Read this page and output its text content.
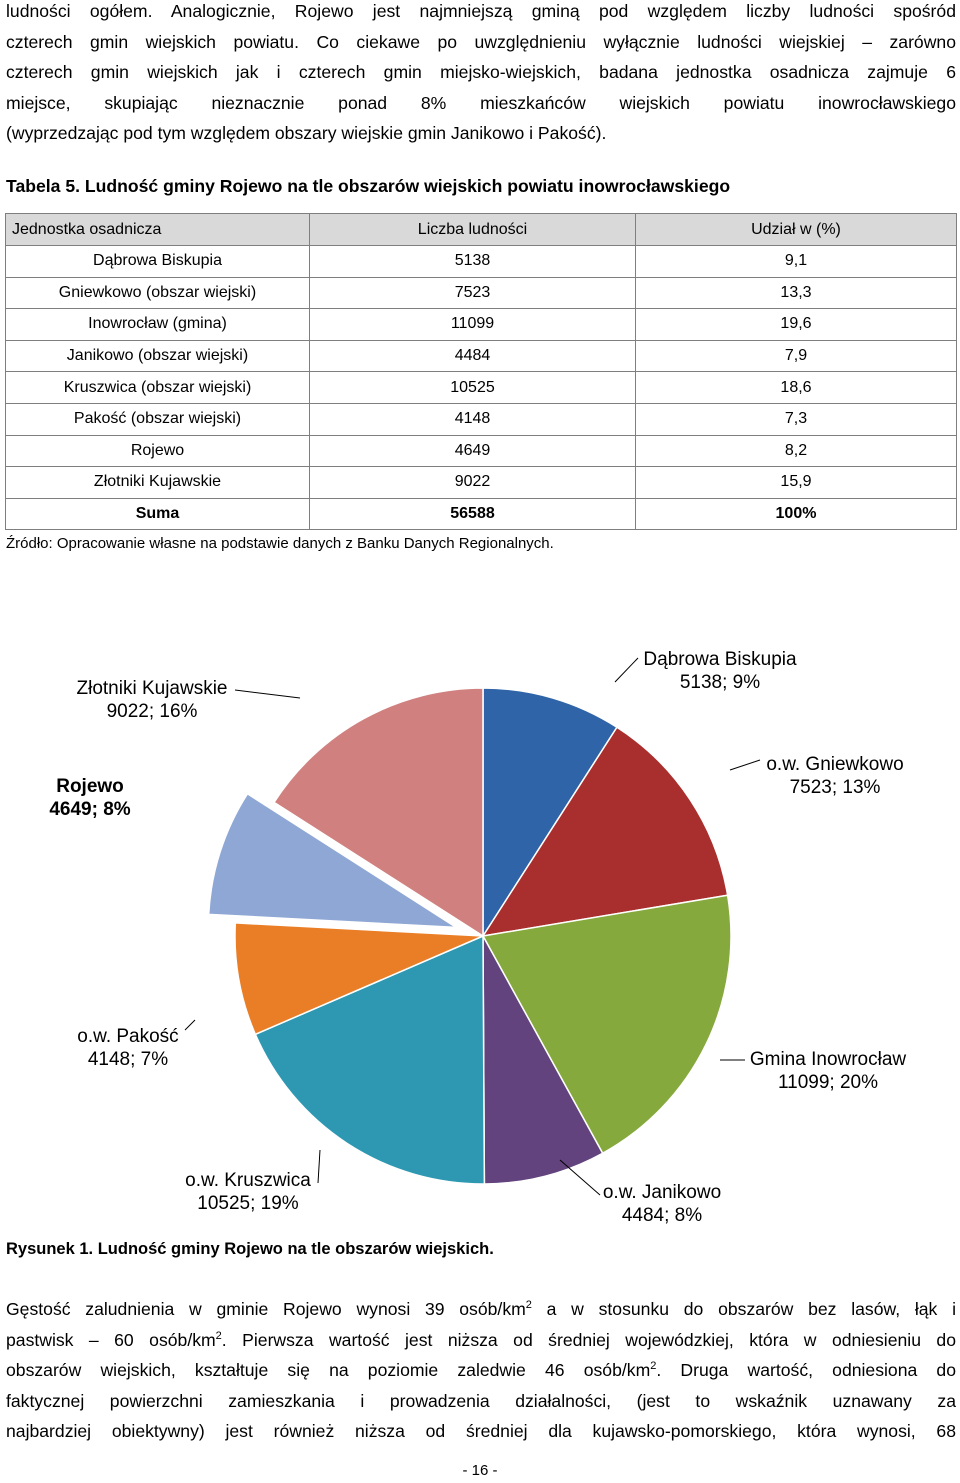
ludności ogółem. Analogicznie, Rojewo jest najmniejszą gminą pod względem liczby ludności spośród
czterech gmin wiejskich powiatu. Co ciekawe po uwzględnieniu wyłącznie ludności wiejskiej – zarówno
czterech gmin wiejskich jak i czterech gmin miejsko-wiejskich, badana jednostka osadnicza zajmuje 6
miejsce, skupiając nieznacznie ponad 8% mieszkańców wiejskich powiatu inowrocławskiego
(wyprzedzając pod tym względem obszary wiejskie gmin Janikowo i Pakość).

Tabela 5. Ludność gminy Rojewo na tle obszarów wiejskich powiatu inowrocławskiego

Jednostka osadnicza	Liczba ludności	Udział w (%)
Dąbrowa Biskupia	5138	9,1
Gniewkowo (obszar wiejski)	7523	13,3
Inowrocław (gmina)	11099	19,6
Janikowo (obszar wiejski)	4484	7,9
Kruszwica (obszar wiejski)	10525	18,6
Pakość (obszar wiejski)	4148	7,3
Rojewo	4649	8,2
Złotniki Kujawskie	9022	15,9
Suma	56588	100%

Źródło: Opracowanie własne na podstawie danych z Banku Danych Regionalnych.

Dąbrowa Biskupia
5138; 9%
o.w. Gniewkowo
7523; 13%
Gmina Inowrocław
11099; 20%
o.w. Janikowo
4484; 8%
o.w. Kruszwica
10525; 19%
o.w. Pakość
4148; 7%
Rojewo
4649; 8%
Złotniki Kujawskie
9022; 16%

Rysunek 1. Ludność gminy Rojewo na tle obszarów wiejskich.

Gęstość zaludnienia w gminie Rojewo wynosi 39 osób/$km^2$ a w stosunku do obszarów bez lasów, łąk i
pastwisk – 60 osób/$km^2$. Pierwsza wartość jest niższa od średniej wojewódzkiej, która w odniesieniu do
obszarów wiejskich, kształtuje się na poziomie zaledwie 46 osób/$km^2$. Druga wartość, odniesiona do
faktycznej powierzchni zamieszkania i prowadzenia działalności, (jest to wskaźnik uznawany za
najbardziej obiektywny) jest również niższa od średniej dla kujawsko-pomorskiego, która wynosi, 68
- 16 -
